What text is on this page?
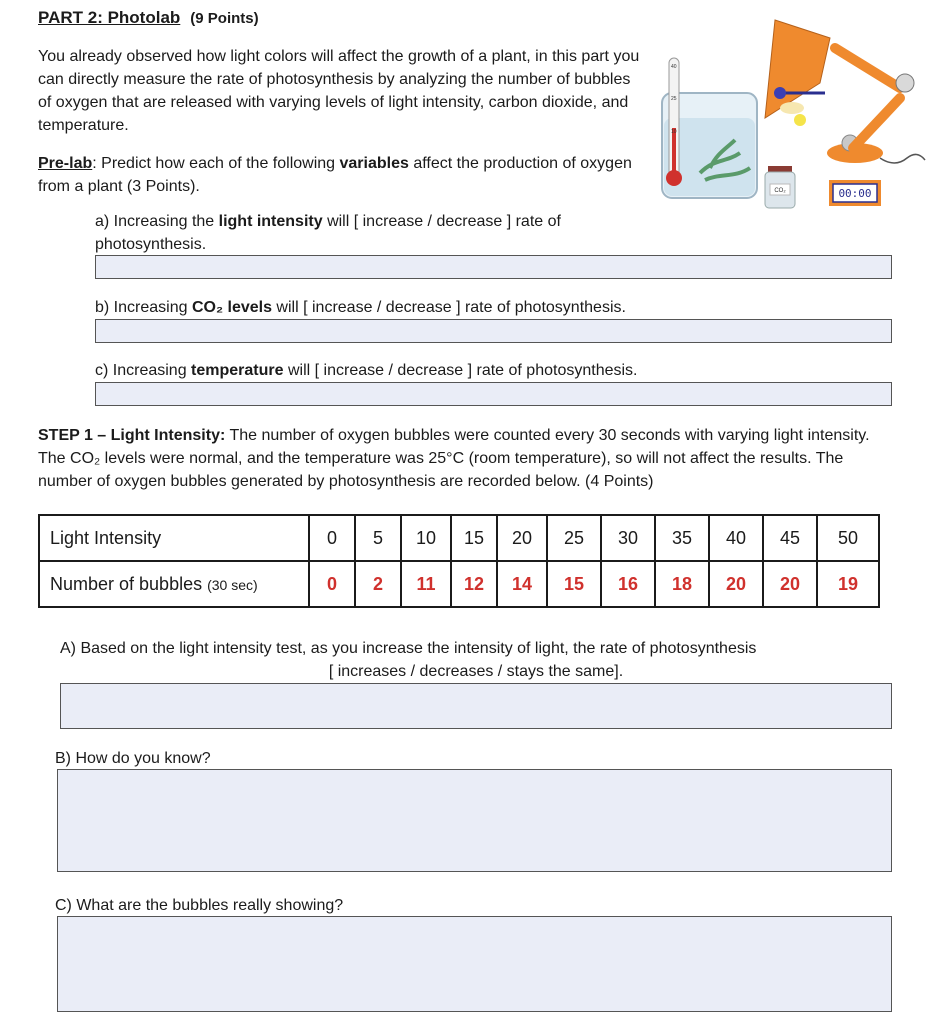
PART 2: Photolab (9 Points)
You already observed how light colors will affect the growth of a plant, in this part you can directly measure the rate of photosynthesis by analyzing the number of bubbles of oxygen that are released with varying levels of light intensity, carbon dioxide, and temperature.
Pre-lab: Predict how each of the following variables affect the production of oxygen from a plant (3 Points).
40
25
10
CO₂	00:00
a) Increasing the light intensity will [ increase / decrease ] rate of photosynthesis.
b) Increasing CO₂ levels will [ increase / decrease ] rate of photosynthesis.
c) Increasing temperature will [ increase / decrease ] rate of photosynthesis.
STEP 1 – Light Intensity: The number of oxygen bubbles were counted every 30 seconds with varying light intensity. The CO₂ levels were normal, and the temperature was 25°C (room temperature), so will not affect the results. The number of oxygen bubbles generated by photosynthesis are recorded below. (4 Points)
Light Intensity	0	5	10	15	20	25	30	35	40	45	50
Number of bubbles (30 sec)	0	2	11	12	14	15	16	18	20	20	19
A) Based on the light intensity test, as you increase the intensity of light, the rate of photosynthesis
[ increases / decreases / stays the same].
B) How do you know?
C) What are the bubbles really showing?
